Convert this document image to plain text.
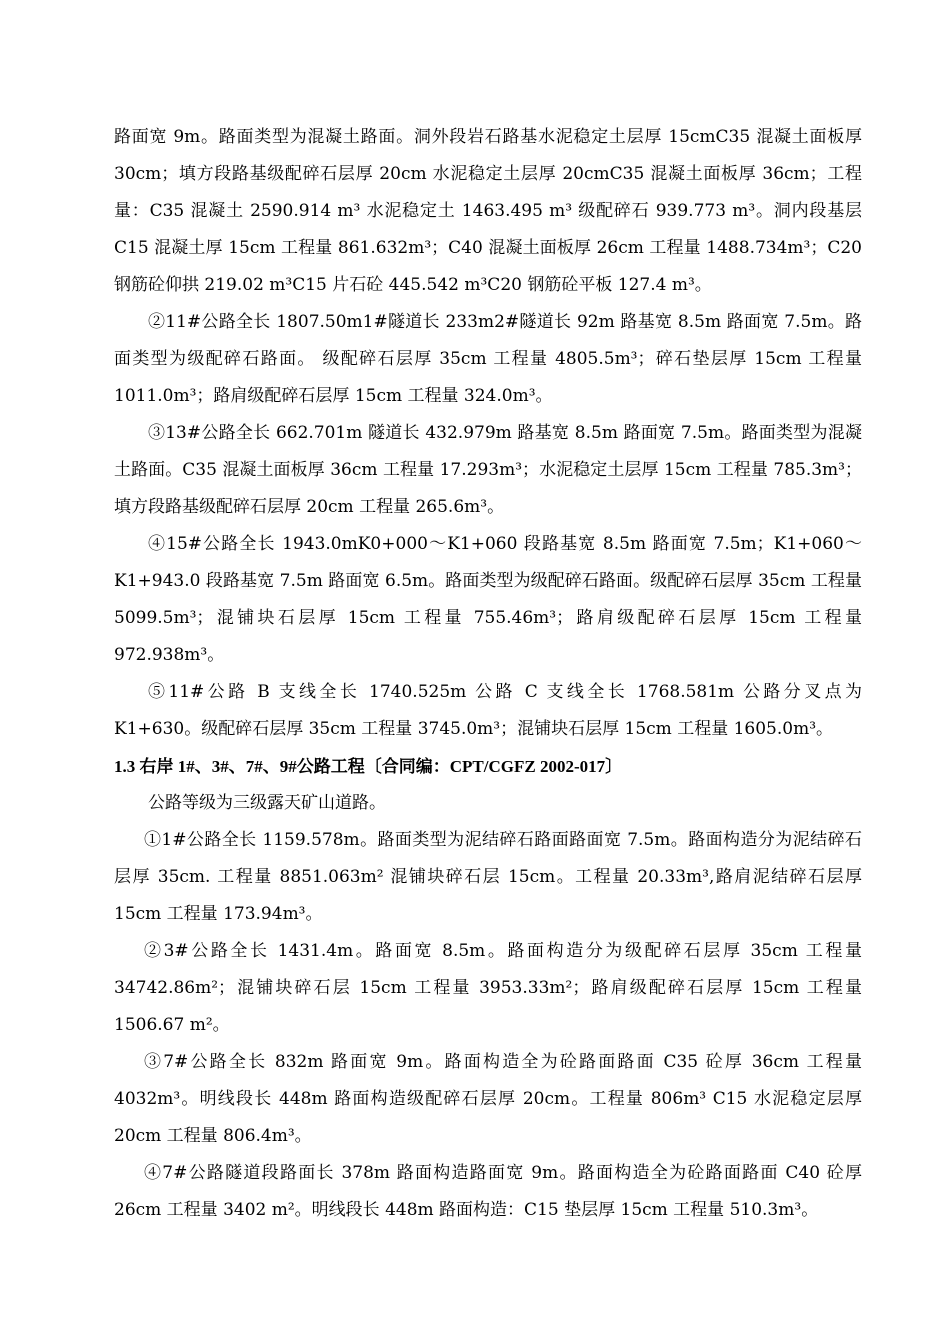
路面宽 9m。路面类型为混凝土路面。洞外段岩石路基水泥稳定土层厚 15cmC35 混凝土面板厚 30cm；填方段路基级配碎石层厚 20cm 水泥稳定土层厚 20cmC35 混凝土面板厚 36cm；工程量：C35 混凝土 2590.914 m³ 水泥稳定土 1463.495 m³ 级配碎石 939.773 m³。洞内段基层 C15 混凝土厚 15cm 工程量 861.632m³；C40 混凝土面板厚 26cm 工程量 1488.734m³；C20 钢筋砼仰拱 219.02 m³C15 片石砼 445.542 m³C20 钢筋砼平板 127.4 m³。

②11#公路全长 1807.50m1#隧道长 233m2#隧道长 92m 路基宽 8.5m 路面宽 7.5m。路面类型为级配碎石路面。 级配碎石层厚 35cm 工程量 4805.5m³；碎石垫层厚 15cm 工程量 1011.0m³；路肩级配碎石层厚 15cm 工程量 324.0m³。

③13#公路全长 662.701m 隧道长 432.979m 路基宽 8.5m 路面宽 7.5m。路面类型为混凝土路面。C35 混凝土面板厚 36cm 工程量 17.293m³；水泥稳定土层厚 15cm 工程量 785.3m³；填方段路基级配碎石层厚 20cm 工程量 265.6m³。

④15#公路全长 1943.0mK0+000～K1+060 段路基宽 8.5m 路面宽 7.5m；K1+060～K1+943.0 段路基宽 7.5m 路面宽 6.5m。路面类型为级配碎石路面。级配碎石层厚 35cm 工程量 5099.5m³；混铺块石层厚 15cm 工程量 755.46m³；路肩级配碎石层厚 15cm 工程量 972.938m³。

⑤11#公路 B 支线全长 1740.525m 公路 C 支线全长 1768.581m 公路分叉点为 K1+630。级配碎石层厚 35cm 工程量 3745.0m³；混铺块石层厚 15cm 工程量 1605.0m³。

1.3 右岸 1#、3#、7#、9#公路工程〔合同编：CPT/CGFZ 2002-017〕

公路等级为三级露天矿山道路。

①1#公路全长 1159.578m。路面类型为泥结碎石路面路面宽 7.5m。路面构造分为泥结碎石层厚 35cm. 工程量 8851.063m² 混铺块碎石层 15cm。工程量 20.33m³,路肩泥结碎石层厚 15cm 工程量 173.94m³。

②3#公路全长 1431.4m。路面宽 8.5m。路面构造分为级配碎石层厚 35cm 工程量 34742.86m²；混铺块碎石层 15cm 工程量 3953.33m²；路肩级配碎石层厚 15cm 工程量 1506.67 m²。

③7#公路全长 832m 路面宽 9m。路面构造全为砼路面路面 C35 砼厚 36cm 工程量 4032m³。明线段长 448m 路面构造级配碎石层厚 20cm。工程量 806m³ C15 水泥稳定层厚 20cm 工程量 806.4m³。

④7#公路隧道段路面长 378m 路面构造路面宽 9m。路面构造全为砼路面路面 C40 砼厚 26cm 工程量 3402 m²。明线段长 448m 路面构造：C15 垫层厚 15cm 工程量 510.3m³。
